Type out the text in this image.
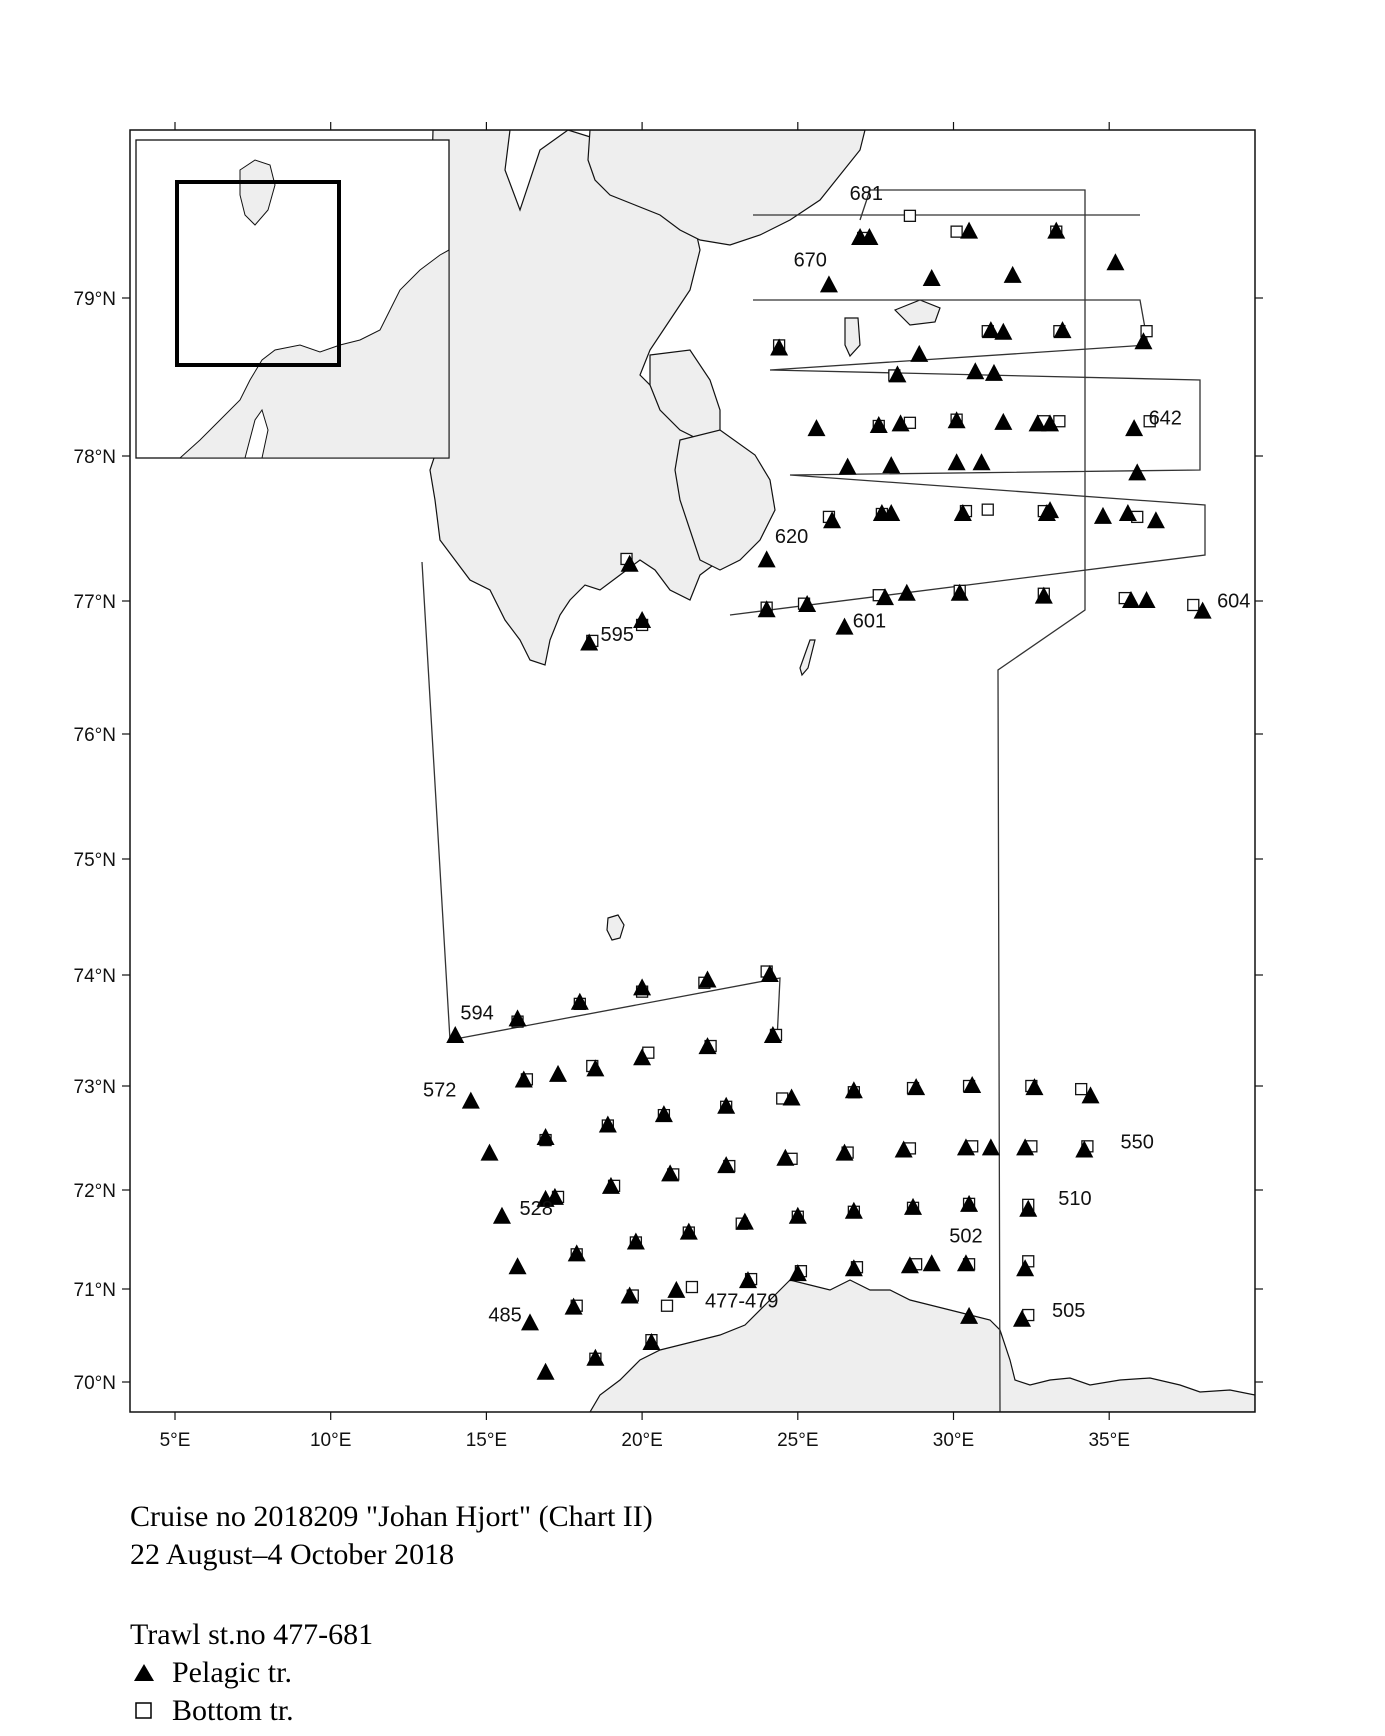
5°E	10°E	15°E	20°E	25°E	30°E	35°E
70°N
71°N
72°N
73°N
74°N
75°N
76°N
77°N
78°N
79°N
681
670
642
620
604
601
595
594
572
550
528	510
502
505
485
477-479
Cruise no 2018209 "Johan Hjort" (Chart II)
22 August–4 October 2018
Trawl st.no 477-681
Pelagic tr.
Bottom tr.
